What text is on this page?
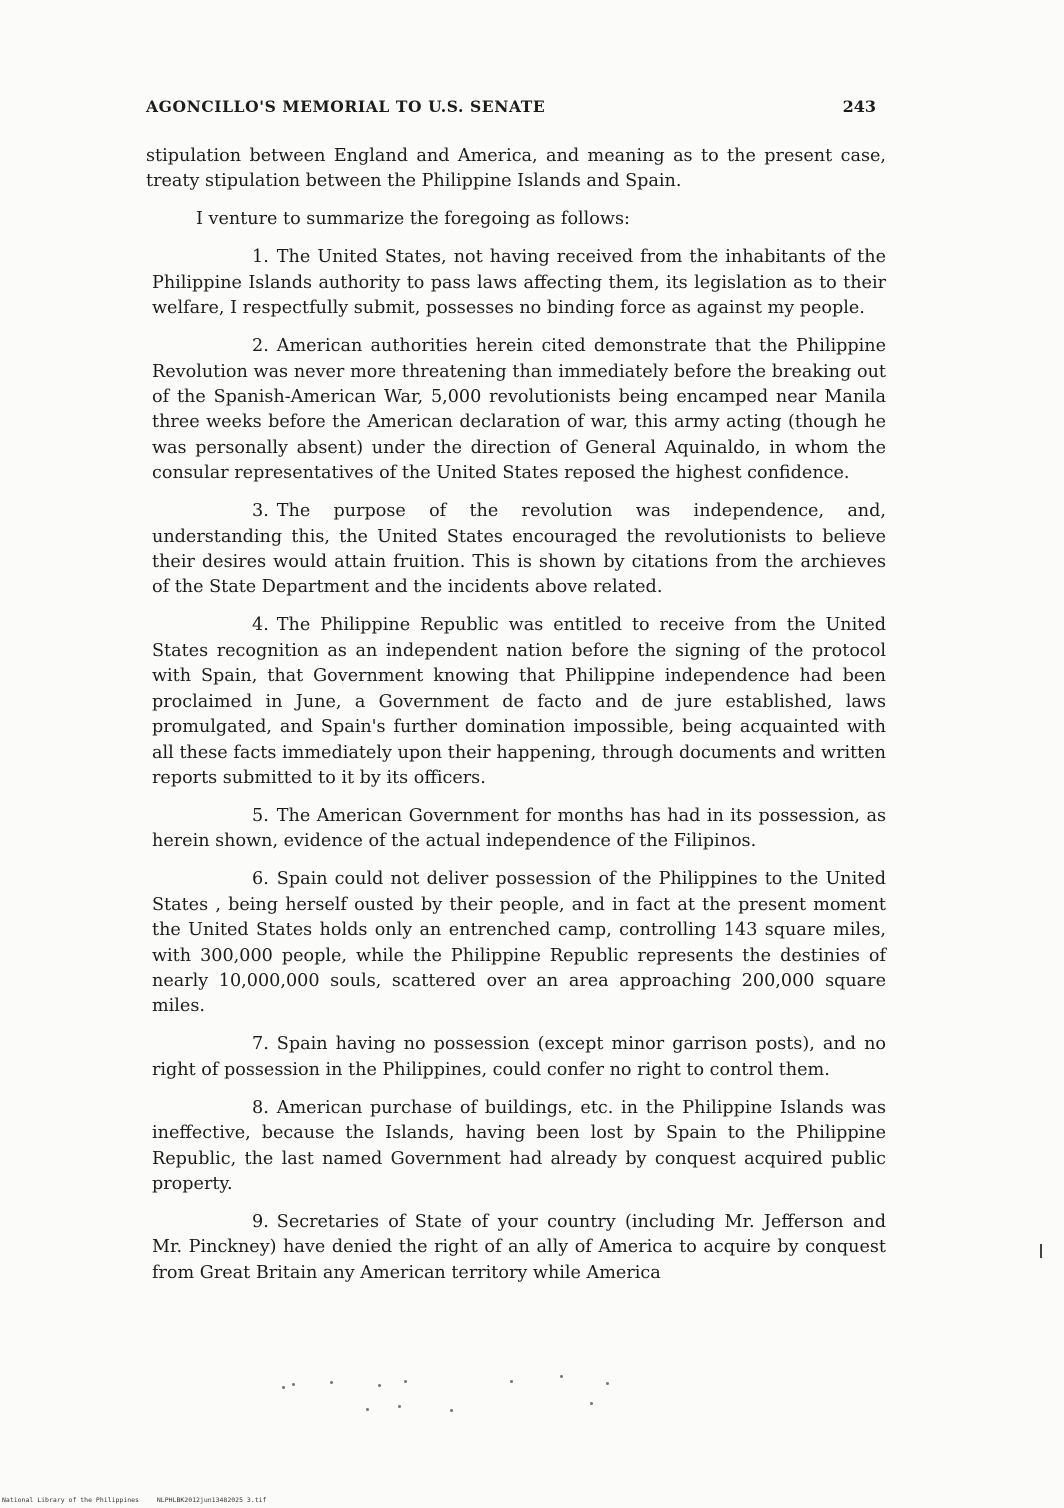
AGONCILLO'S MEMORIAL TO U.S. SENATE	243

stipulation between England and America, and meaning as to the present case, treaty stipulation between the Philippine Islands and Spain.

I venture to summarize the foregoing as follows:

1. The United States, not having received from the inhabitants of the Philippine Islands authority to pass laws affecting them, its legislation as to their welfare, I respectfully submit, possesses no binding force as against my people.

2. American authorities herein cited demonstrate that the Philippine Revolution was never more threatening than immediately before the breaking out of the Spanish-American War, 5,000 revolutionists being encamped near Manila three weeks before the American declaration of war, this army acting (though he was personally absent) under the direction of General Aquinaldo, in whom the consular representatives of the United States reposed the highest confidence.

3. The purpose of the revolution was independence, and, understanding this, the United States encouraged the revolutionists to believe their desires would attain fruition. This is shown by citations from the archieves of the State Department and the incidents above related.

4. The Philippine Republic was entitled to receive from the United States recognition as an independent nation before the signing of the protocol with Spain, that Government knowing that Philippine independence had been proclaimed in June, a Government de facto and de jure established, laws promulgated, and Spain's further domination impossible, being acquainted with all these facts immediately upon their happening, through documents and written reports submitted to it by its officers.

5. The American Government for months has had in its possession, as herein shown, evidence of the actual independence of the Filipinos.

6. Spain could not deliver possession of the Philippines to the United States , being herself ousted by their people, and in fact at the present moment the United States holds only an entrenched camp, controlling 143 square miles, with 300,000 people, while the Philippine Republic represents the destinies of nearly 10,000,000 souls, scattered over an area approaching 200,000 square miles.

7. Spain having no possession (except minor garrison posts), and no right of possession in the Philippines, could confer no right to control them.

8. American purchase of buildings, etc. in the Philippine Islands was ineffective, because the Islands, having been lost by Spain to the Philippine Republic, the last named Government had already by conquest acquired public property.

9. Secretaries of State of your country (including Mr. Jefferson and Mr. Pinckney) have denied the right of an ally of America to acquire by conquest from Great Britain any American territory while America

National Library of the Philippines	NLPHLBK2012jun13482025 3.tif
